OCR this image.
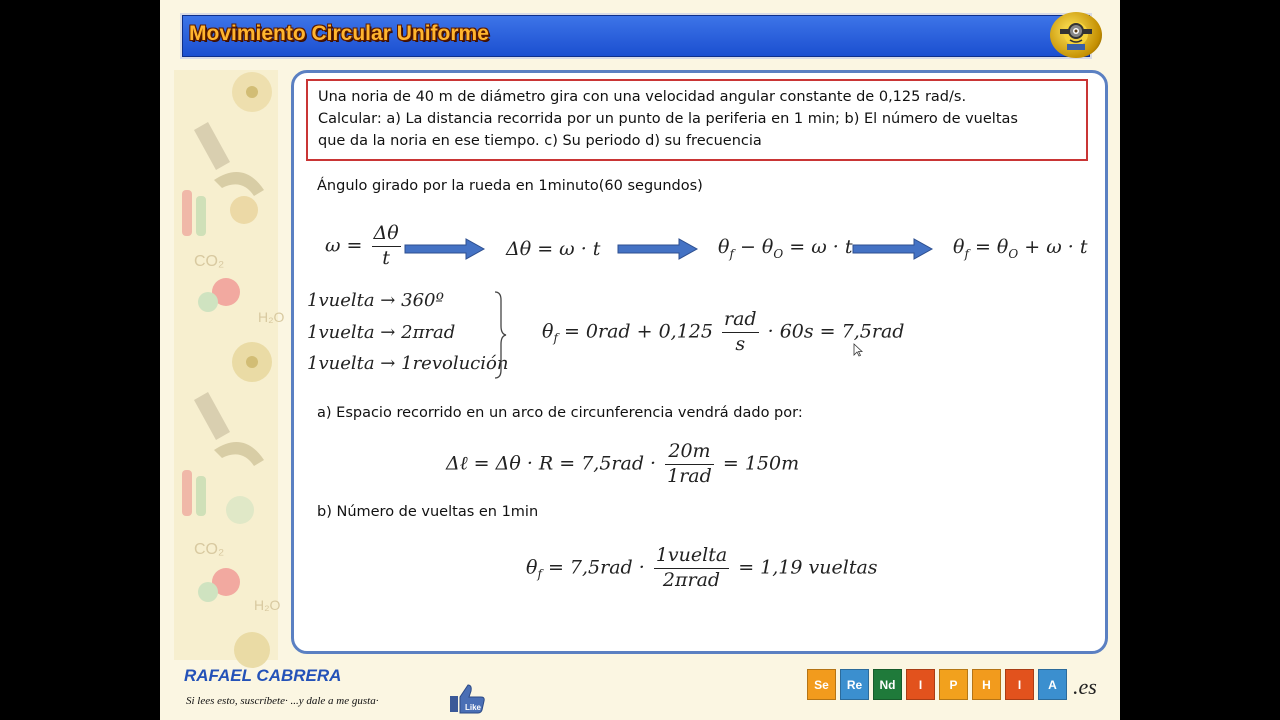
CO₂
H₂O
CO₂
H₂O
Movimiento Circular Uniforme
Una noria de 40 m de diámetro gira con una velocidad angular constante de 0,125 rad/s.
Calcular: a) La distancia recorrida por un punto de la periferia en 1 min; b) El número de vueltas
que da la noria en ese tiempo. c) Su periodo d) su frecuencia
Ángulo girado por la rueda en 1minuto(60 segundos)
$\omega = \frac{\Delta\theta}{t}$	Δθ = ω · t	$\theta_f - \theta_O = \omega \cdot t$	$\theta_f = \theta_O + \omega \cdot t$
1vuelta → 360º
1vuelta → 2πrad
1vuelta → 1revolución
$\theta_f = 0rad + 0,125 \frac{\text{rad}}{s} \cdot 60s = 7,5rad$
a) Espacio recorrido en un arco de circunferencia vendrá dado por:
Δℓ = $\Delta\theta \cdot R = 7,5rad \cdot \frac{20m}{\text{1rad}} = 150m$
b) Número de vueltas en 1min
$\theta_f = 7,5rad \cdot \frac{\text{1vuelta}}{\text{2πrad}} = 1,19$ vueltas
RAFAEL CABRERA
Si lees esto, suscríbete· ...y dale a me gusta·
Like
Se	Re	Nd	I	P	H	I	A .es
